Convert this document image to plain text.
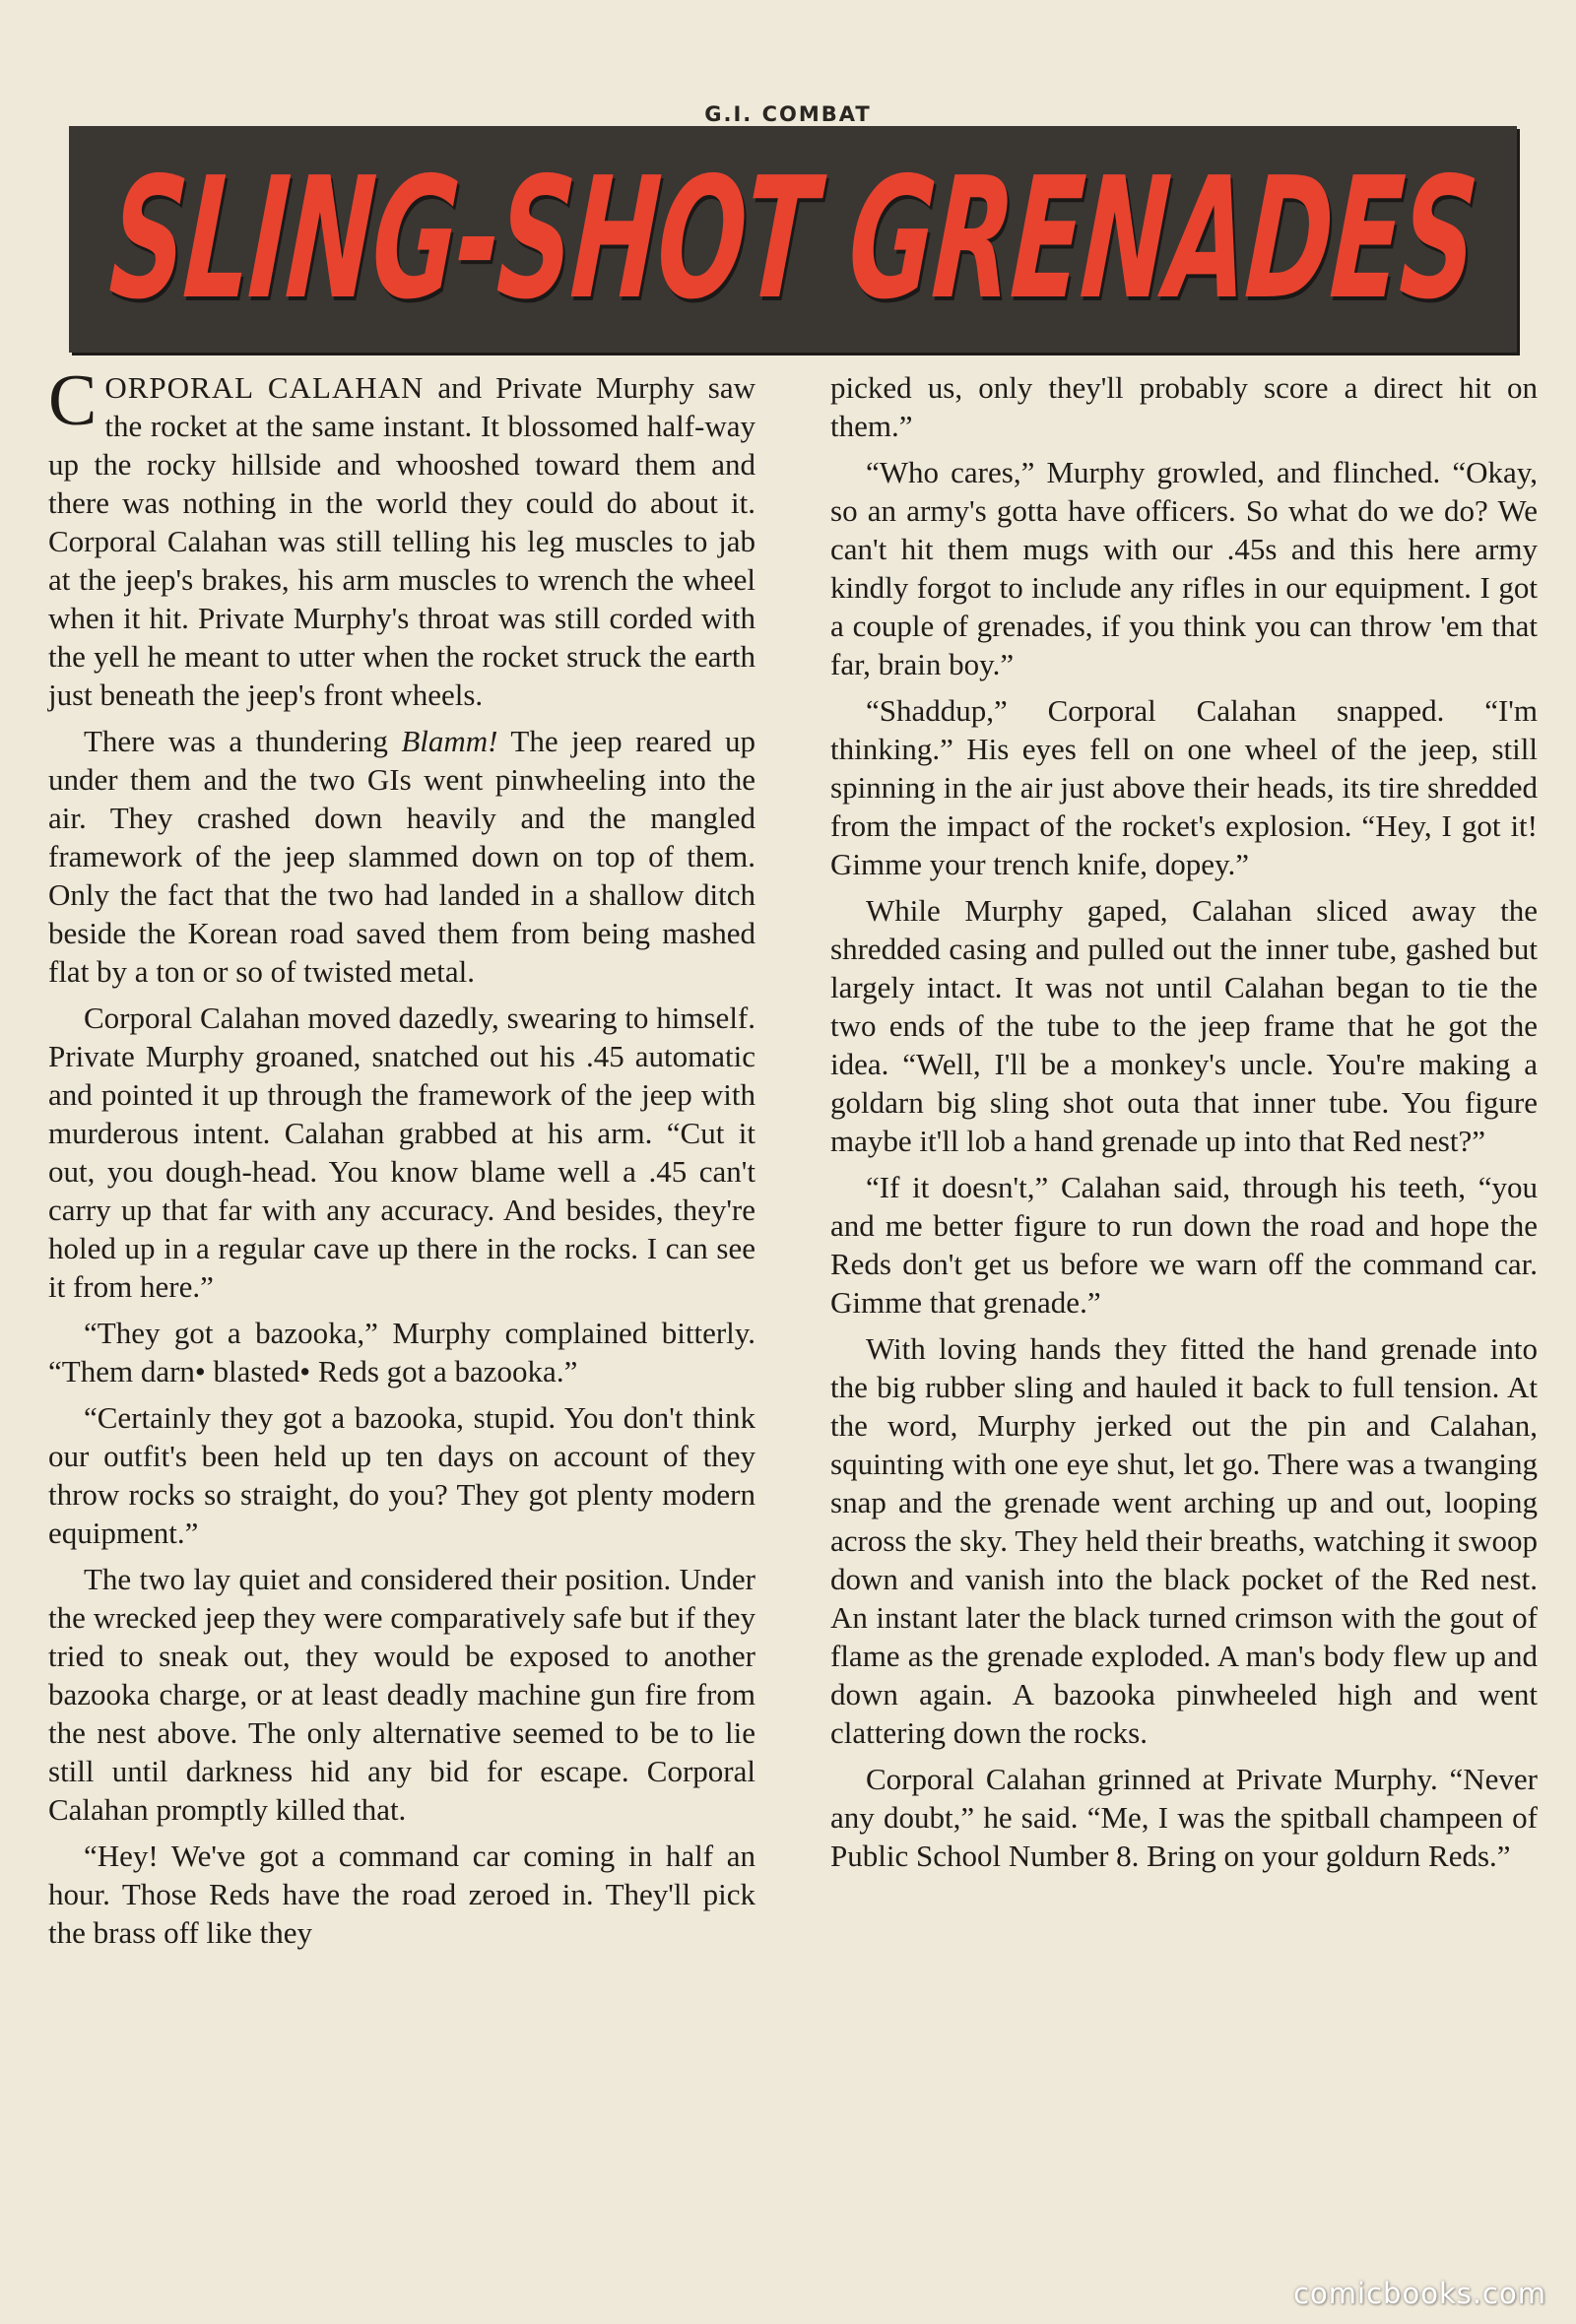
G.I. COMBAT
SLING-SHOT GRENADES

CORPORAL CALAHAN and Private Murphy saw the rocket at the same instant. It blossomed half-way up the rocky hillside and whooshed toward them and there was nothing in the world they could do about it. Corporal Calahan was still telling his leg muscles to jab at the jeep's brakes, his arm muscles to wrench the wheel when it hit. Private Murphy's throat was still corded with the yell he meant to utter when the rocket struck the earth just beneath the jeep's front wheels.

There was a thundering Blamm! The jeep reared up under them and the two GIs went pinwheeling into the air. They crashed down heavily and the mangled framework of the jeep slammed down on top of them. Only the fact that the two had landed in a shallow ditch beside the Korean road saved them from being mashed flat by a ton or so of twisted metal.

Corporal Calahan moved dazedly, swearing to himself. Private Murphy groaned, snatched out his .45 automatic and pointed it up through the framework of the jeep with murderous intent. Calahan grabbed at his arm. “Cut it out, you dough-head. You know blame well a .45 can't carry up that far with any accuracy. And besides, they're holed up in a regular cave up there in the rocks. I can see it from here.”

“They got a bazooka,” Murphy complained bitterly. “Them darn• blasted• Reds got a bazooka.”

“Certainly they got a bazooka, stupid. You don't think our outfit's been held up ten days on account of they throw rocks so straight, do you? They got plenty modern equipment.”

The two lay quiet and considered their position. Under the wrecked jeep they were comparatively safe but if they tried to sneak out, they would be exposed to another bazooka charge, or at least deadly machine gun fire from the nest above. The only alternative seemed to be to lie still until darkness hid any bid for escape. Corporal Calahan promptly killed that.

“Hey! We've got a command car coming in half an hour. Those Reds have the road zeroed in. They'll pick the brass off like they

picked us, only they'll probably score a direct hit on them.”

“Who cares,” Murphy growled, and flinched. “Okay, so an army's gotta have officers. So what do we do? We can't hit them mugs with our .45s and this here army kindly forgot to include any rifles in our equipment. I got a couple of grenades, if you think you can throw 'em that far, brain boy.”

“Shaddup,” Corporal Calahan snapped. “I'm thinking.” His eyes fell on one wheel of the jeep, still spinning in the air just above their heads, its tire shredded from the impact of the rocket's explosion. “Hey, I got it! Gimme your trench knife, dopey.”

While Murphy gaped, Calahan sliced away the shredded casing and pulled out the inner tube, gashed but largely intact. It was not until Calahan began to tie the two ends of the tube to the jeep frame that he got the idea. “Well, I'll be a monkey's uncle. You're making a goldarn big sling shot outa that inner tube. You figure maybe it'll lob a hand grenade up into that Red nest?”

“If it doesn't,” Calahan said, through his teeth, “you and me better figure to run down the road and hope the Reds don't get us before we warn off the command car. Gimme that grenade.”

With loving hands they fitted the hand grenade into the big rubber sling and hauled it back to full tension. At the word, Murphy jerked out the pin and Calahan, squinting with one eye shut, let go. There was a twanging snap and the grenade went arching up and out, looping across the sky. They held their breaths, watching it swoop down and vanish into the black pocket of the Red nest. An instant later the black turned crimson with the gout of flame as the grenade exploded. A man's body flew up and down again. A bazooka pinwheeled high and went clattering down the rocks.

Corporal Calahan grinned at Private Murphy. “Never any doubt,” he said. “Me, I was the spitball champeen of Public School Number 8. Bring on your goldurn Reds.”

comicbooks.com
